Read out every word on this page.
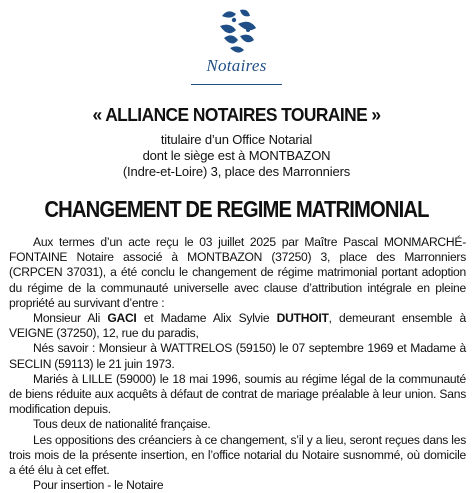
Notaires
« ALLIANCE NOTAIRES TOURAINE »
titulaire d’un Office Notarial
dont le siège est à MONTBAZON
(Indre-et-Loire) 3, place des Marronniers
CHANGEMENT DE REGIME MATRIMONIAL

Aux termes d’un acte reçu le 03 juillet 2025 par Maître Pascal MONMARCHÉ-FONTAINE Notaire associé à MONTBAZON (37250) 3, place des Marronniers (CRPCEN 37031), a été conclu le changement de régime matrimonial portant adoption du régime de la communauté universelle avec clause d’attribution intégrale en pleine propriété au survivant d’entre :

Monsieur Ali GACI et Madame Alix Sylvie DUTHOIT, demeurant ensemble à VEIGNE (37250), 12, rue du paradis,

Nés savoir : Monsieur à WATTRELOS (59150) le 07 septembre 1969 et Madame à SECLIN (59113) le 21 juin 1973.

Mariés à LILLE (59000) le 18 mai 1996, soumis au régime légal de la communauté de biens réduite aux acquêts à défaut de contrat de mariage préalable à leur union. Sans modification depuis.

Tous deux de nationalité française.

Les oppositions des créanciers à ce changement, s’il y a lieu, seront reçues dans les trois mois de la présente insertion, en l’office notarial du Notaire susnommé, où domicile a été élu à cet effet.

Pour insertion - le Notaire
